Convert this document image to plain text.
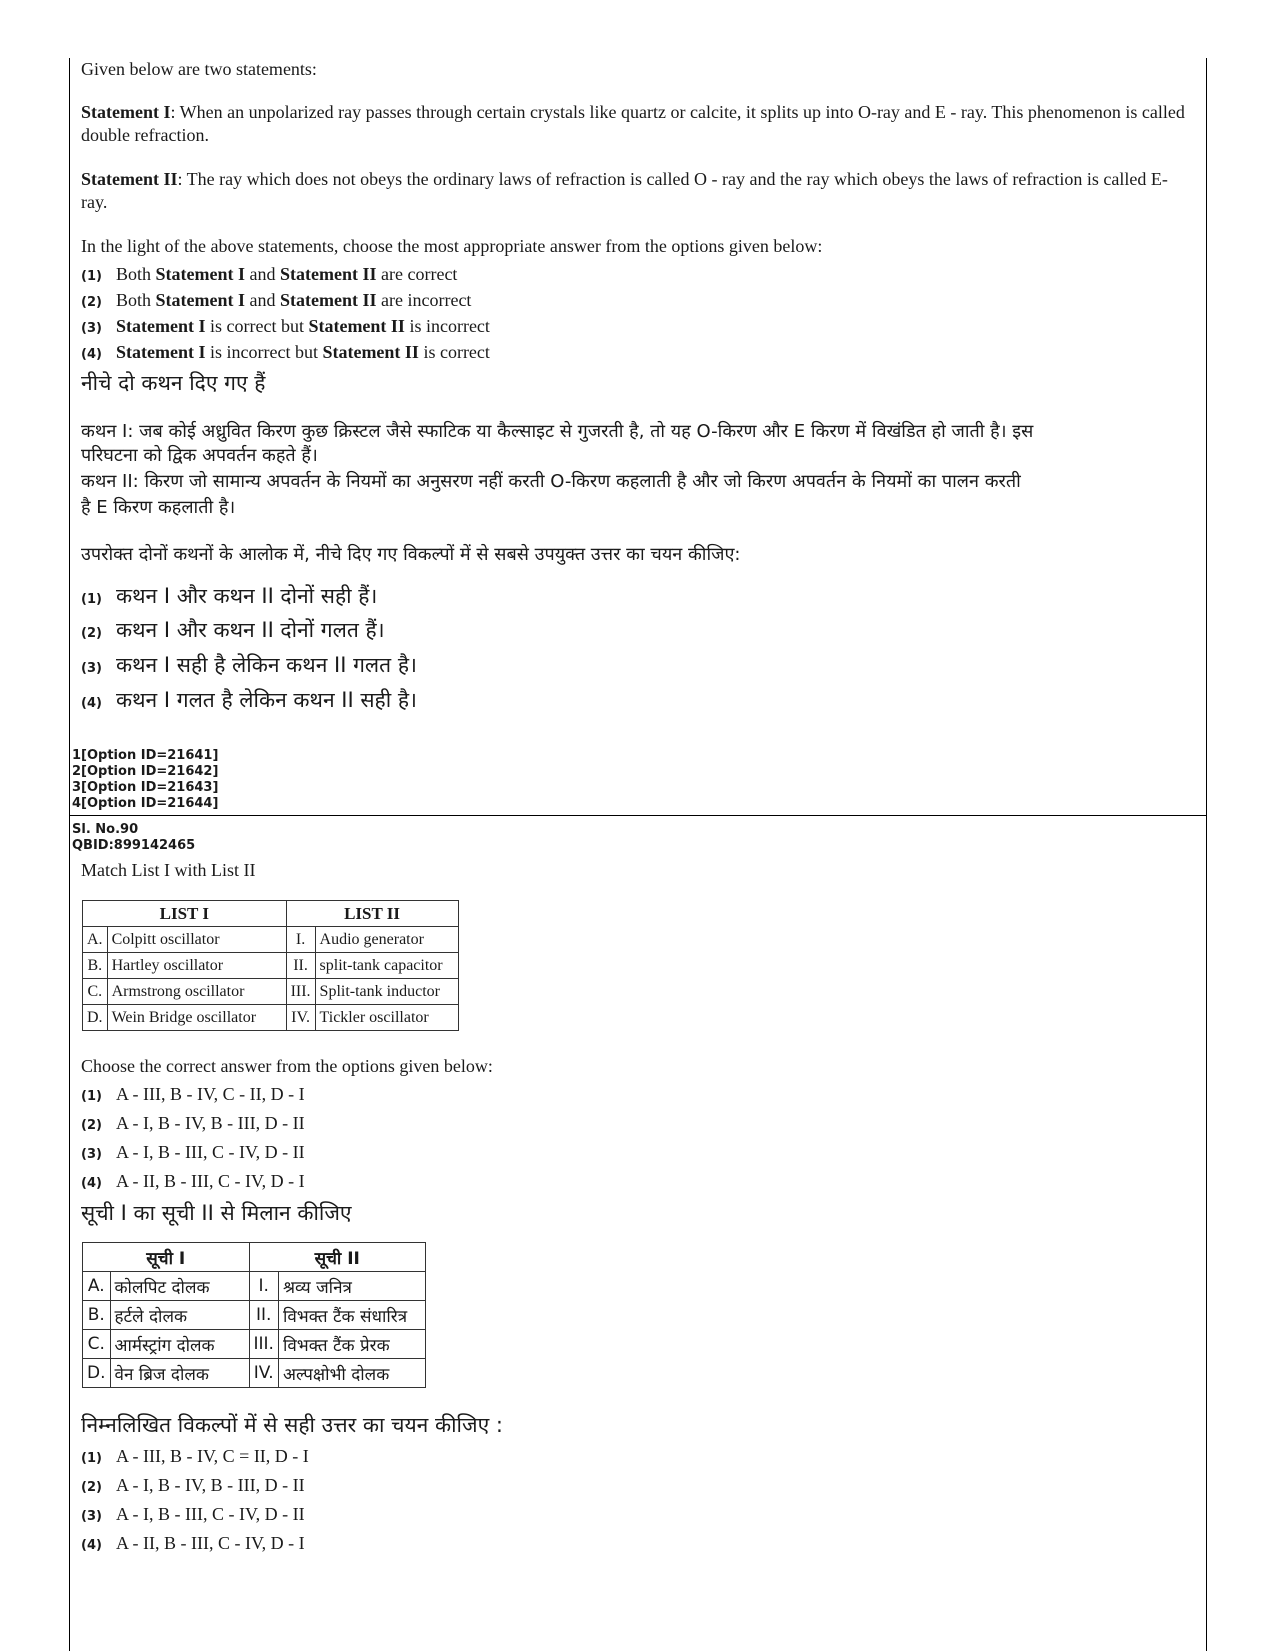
Given below are two statements:

Statement I: When an unpolarized ray passes through certain crystals like quartz or calcite, it splits up into O-ray and E - ray. This phenomenon is called double refraction.

Statement II: The ray which does not obeys the ordinary laws of refraction is called O - ray and the ray which obeys the laws of refraction is called E-ray.

In the light of the above statements, choose the most appropriate answer from the options given below:

(1) Both Statement I and Statement II are correct
(2) Both Statement I and Statement II are incorrect
(3) Statement I is correct but Statement II is incorrect
(4) Statement I is incorrect but Statement II is correct

नीचे दो कथन दिए गए हैं

कथन I: जब कोई अध्रुवित किरण कुछ क्रिस्टल जैसे स्फाटिक या कैल्साइट से गुजरती है, तो यह O-किरण और E किरण में विखंडित हो जाती है। इस

परिघटना को द्विक अपवर्तन कहते हैं।

कथन II: किरण जो सामान्य अपवर्तन के नियमों का अनुसरण नहीं करती O-किरण कहलाती है और जो किरण अपवर्तन के नियमों का पालन करती

है E किरण कहलाती है।

उपरोक्त दोनों कथनों के आलोक में, नीचे दिए गए विकल्पों में से सबसे उपयुक्त उत्तर का चयन कीजिए:

(1) कथन I और कथन II दोनों सही हैं।
(2) कथन I और कथन II दोनों गलत हैं।
(3) कथन I सही है लेकिन कथन II गलत है।
(4) कथन I गलत है लेकिन कथन II सही है।
1[Option ID=21641]
2[Option ID=21642]
3[Option ID=21643]
4[Option ID=21644]
Sl. No.90
QBID:899142465

Match List I with List II

LIST I		LIST II	
A.	Colpitt oscillator	I.	Audio generator
B.	Hartley oscillator	II.	split-tank capacitor
C.	Armstrong oscillator	III.	Split-tank inductor
D.	Wein Bridge oscillator	IV.	Tickler oscillator

Choose the correct answer from the options given below:

(1) A - III, B - IV, C - II, D - I
(2) A - I, B - IV, B - III, D - II
(3) A - I, B - III, C - IV, D - II
(4) A - II, B - III, C - IV, D - I

सूची I का सूची II से मिलान कीजिए

सूची I		सूची II	
A.	कोलपिट दोलक	I.	श्रव्य जनित्र
B.	हर्टले दोलक	II.	विभक्त टैंक संधारित्र
C.	आर्मस्ट्रांग दोलक	III.	विभक्त टैंक प्रेरक
D.	वेन ब्रिज दोलक	IV.	अल्पक्षोभी दोलक

निम्नलिखित विकल्पों में से सही उत्तर का चयन कीजिए :

(1) A - III, B - IV, C = II, D - I
(2) A - I, B - IV, B - III, D - II
(3) A - I, B - III, C - IV, D - II
(4) A - II, B - III, C - IV, D - I
